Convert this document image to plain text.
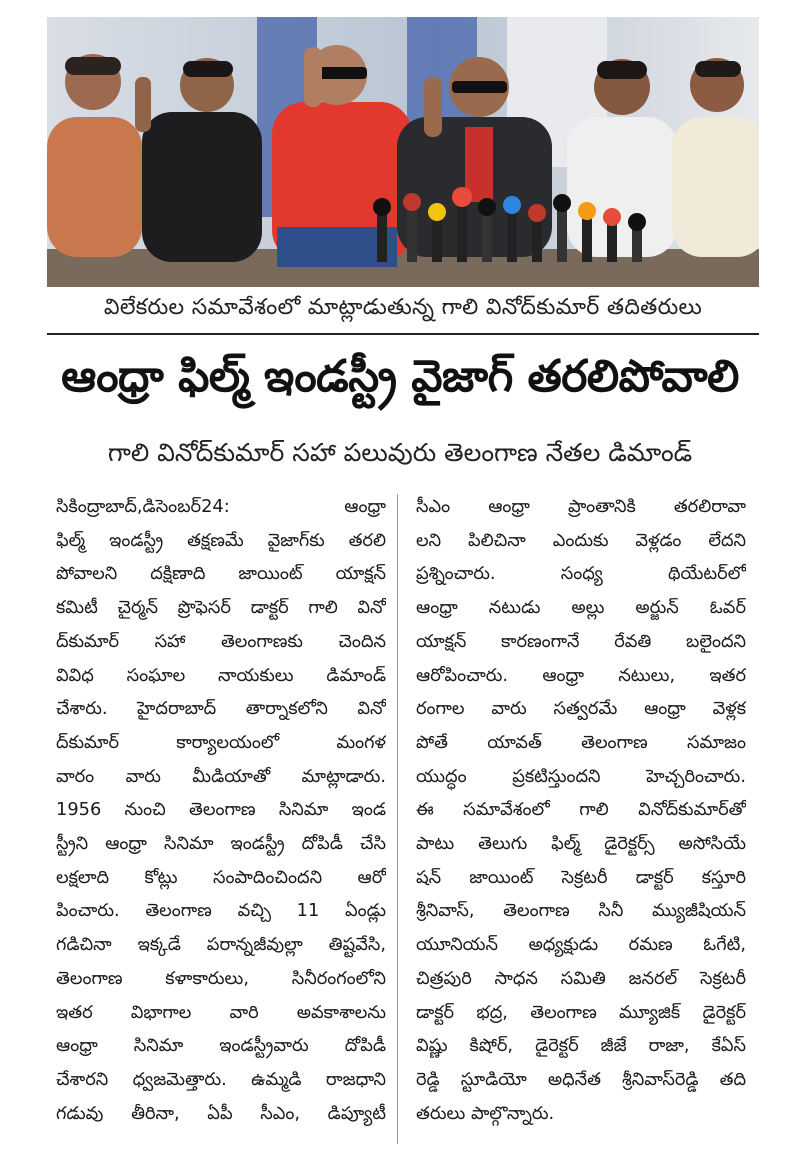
విలేకరుల సమావేశంలో మాట్లాడుతున్న గాలి వినోద్‌కుమార్ తదితరులు
ఆంధ్రా ఫిల్మ్ ఇండస్ట్రీ వైజాగ్ తరలిపోవాలి
గాలి వినోద్‌కుమార్ సహా పలువురు తెలంగాణ నేతల డిమాండ్
సికింద్రాబాద్,డిసెంబర్24: ఆంధ్రా
ఫిల్మ్ ఇండస్ట్రీ తక్షణమే వైజాగ్‌కు తరలి
పోవాలని దక్షిణాది జాయింట్ యాక్షన్
కమిటీ చైర్మన్ ప్రొఫెసర్ డాక్టర్ గాలి వినో
ద్‌కుమార్ సహా తెలంగాణకు చెందిన
వివిధ సంఘాల నాయకులు డిమాండ్
చేశారు. హైదరాబాద్ తార్నాకలోని వినో
ద్‌కుమార్ కార్యాలయంలో మంగళ
వారం వారు మీడియాతో మాట్లాడారు.
1956 నుంచి తెలంగాణ సినిమా ఇండ
స్ట్రీని ఆంధ్రా సినిమా ఇండస్ట్రీ దోపిడీ చేసి
లక్షలాది కోట్లు సంపాదించిందని ఆరో
పించారు. తెలంగాణ వచ్చి 11 ఏండ్లు
గడిచినా ఇక్కడే పరాన్నజీవుల్లా తిష్టవేసి,
తెలంగాణ కళాకారులు, సినీరంగంలోని
ఇతర విభాగాల వారి అవకాశాలను
ఆంధ్రా సినిమా ఇండస్ట్రీవారు దోపిడీ
చేశారని ధ్వజమెత్తారు. ఉమ్మడి రాజధాని
గడువు తీరినా, ఏపీ సీఎం, డిప్యూటీ
సీఎం ఆంధ్రా ప్రాంతానికి తరలిరావా
లని పిలిచినా ఎందుకు వెళ్లడం లేదని
ప్రశ్నించారు. సంధ్య థియేటర్‌లో
ఆంధ్రా నటుడు అల్లు అర్జున్ ఓవర్
యాక్షన్ కారణంగానే రేవతి బలైందని
ఆరోపించారు. ఆంధ్రా నటులు, ఇతర
రంగాల వారు సత్వరమే ఆంధ్రా వెళ్లక
పోతే యావత్ తెలంగాణ సమాజం
యుద్ధం ప్రకటిస్తుందని హెచ్చరించారు.
ఈ సమావేశంలో గాలి వినోద్‌కుమార్‌తో
పాటు తెలుగు ఫిల్మ్ డైరెక్టర్స్ అసోసియే
షన్ జాయింట్ సెక్రటరీ డాక్టర్ కస్తూరి
శ్రీనివాస్, తెలంగాణ సినీ మ్యుజీషియన్
యూనియన్ అధ్యక్షుడు రమణ ఓగేటి,
చిత్రపురి సాధన సమితి జనరల్ సెక్రటరీ
డాక్టర్ భద్ర, తెలంగాణ మ్యూజిక్ డైరెక్టర్
విష్ణు కిషోర్, డైరెక్టర్ జీజే రాజా, కేఏస్
రెడ్డి స్టూడియో అధినేత శ్రీనివాస్‌రెడ్డి తది
తరులు పాల్గొన్నారు.
